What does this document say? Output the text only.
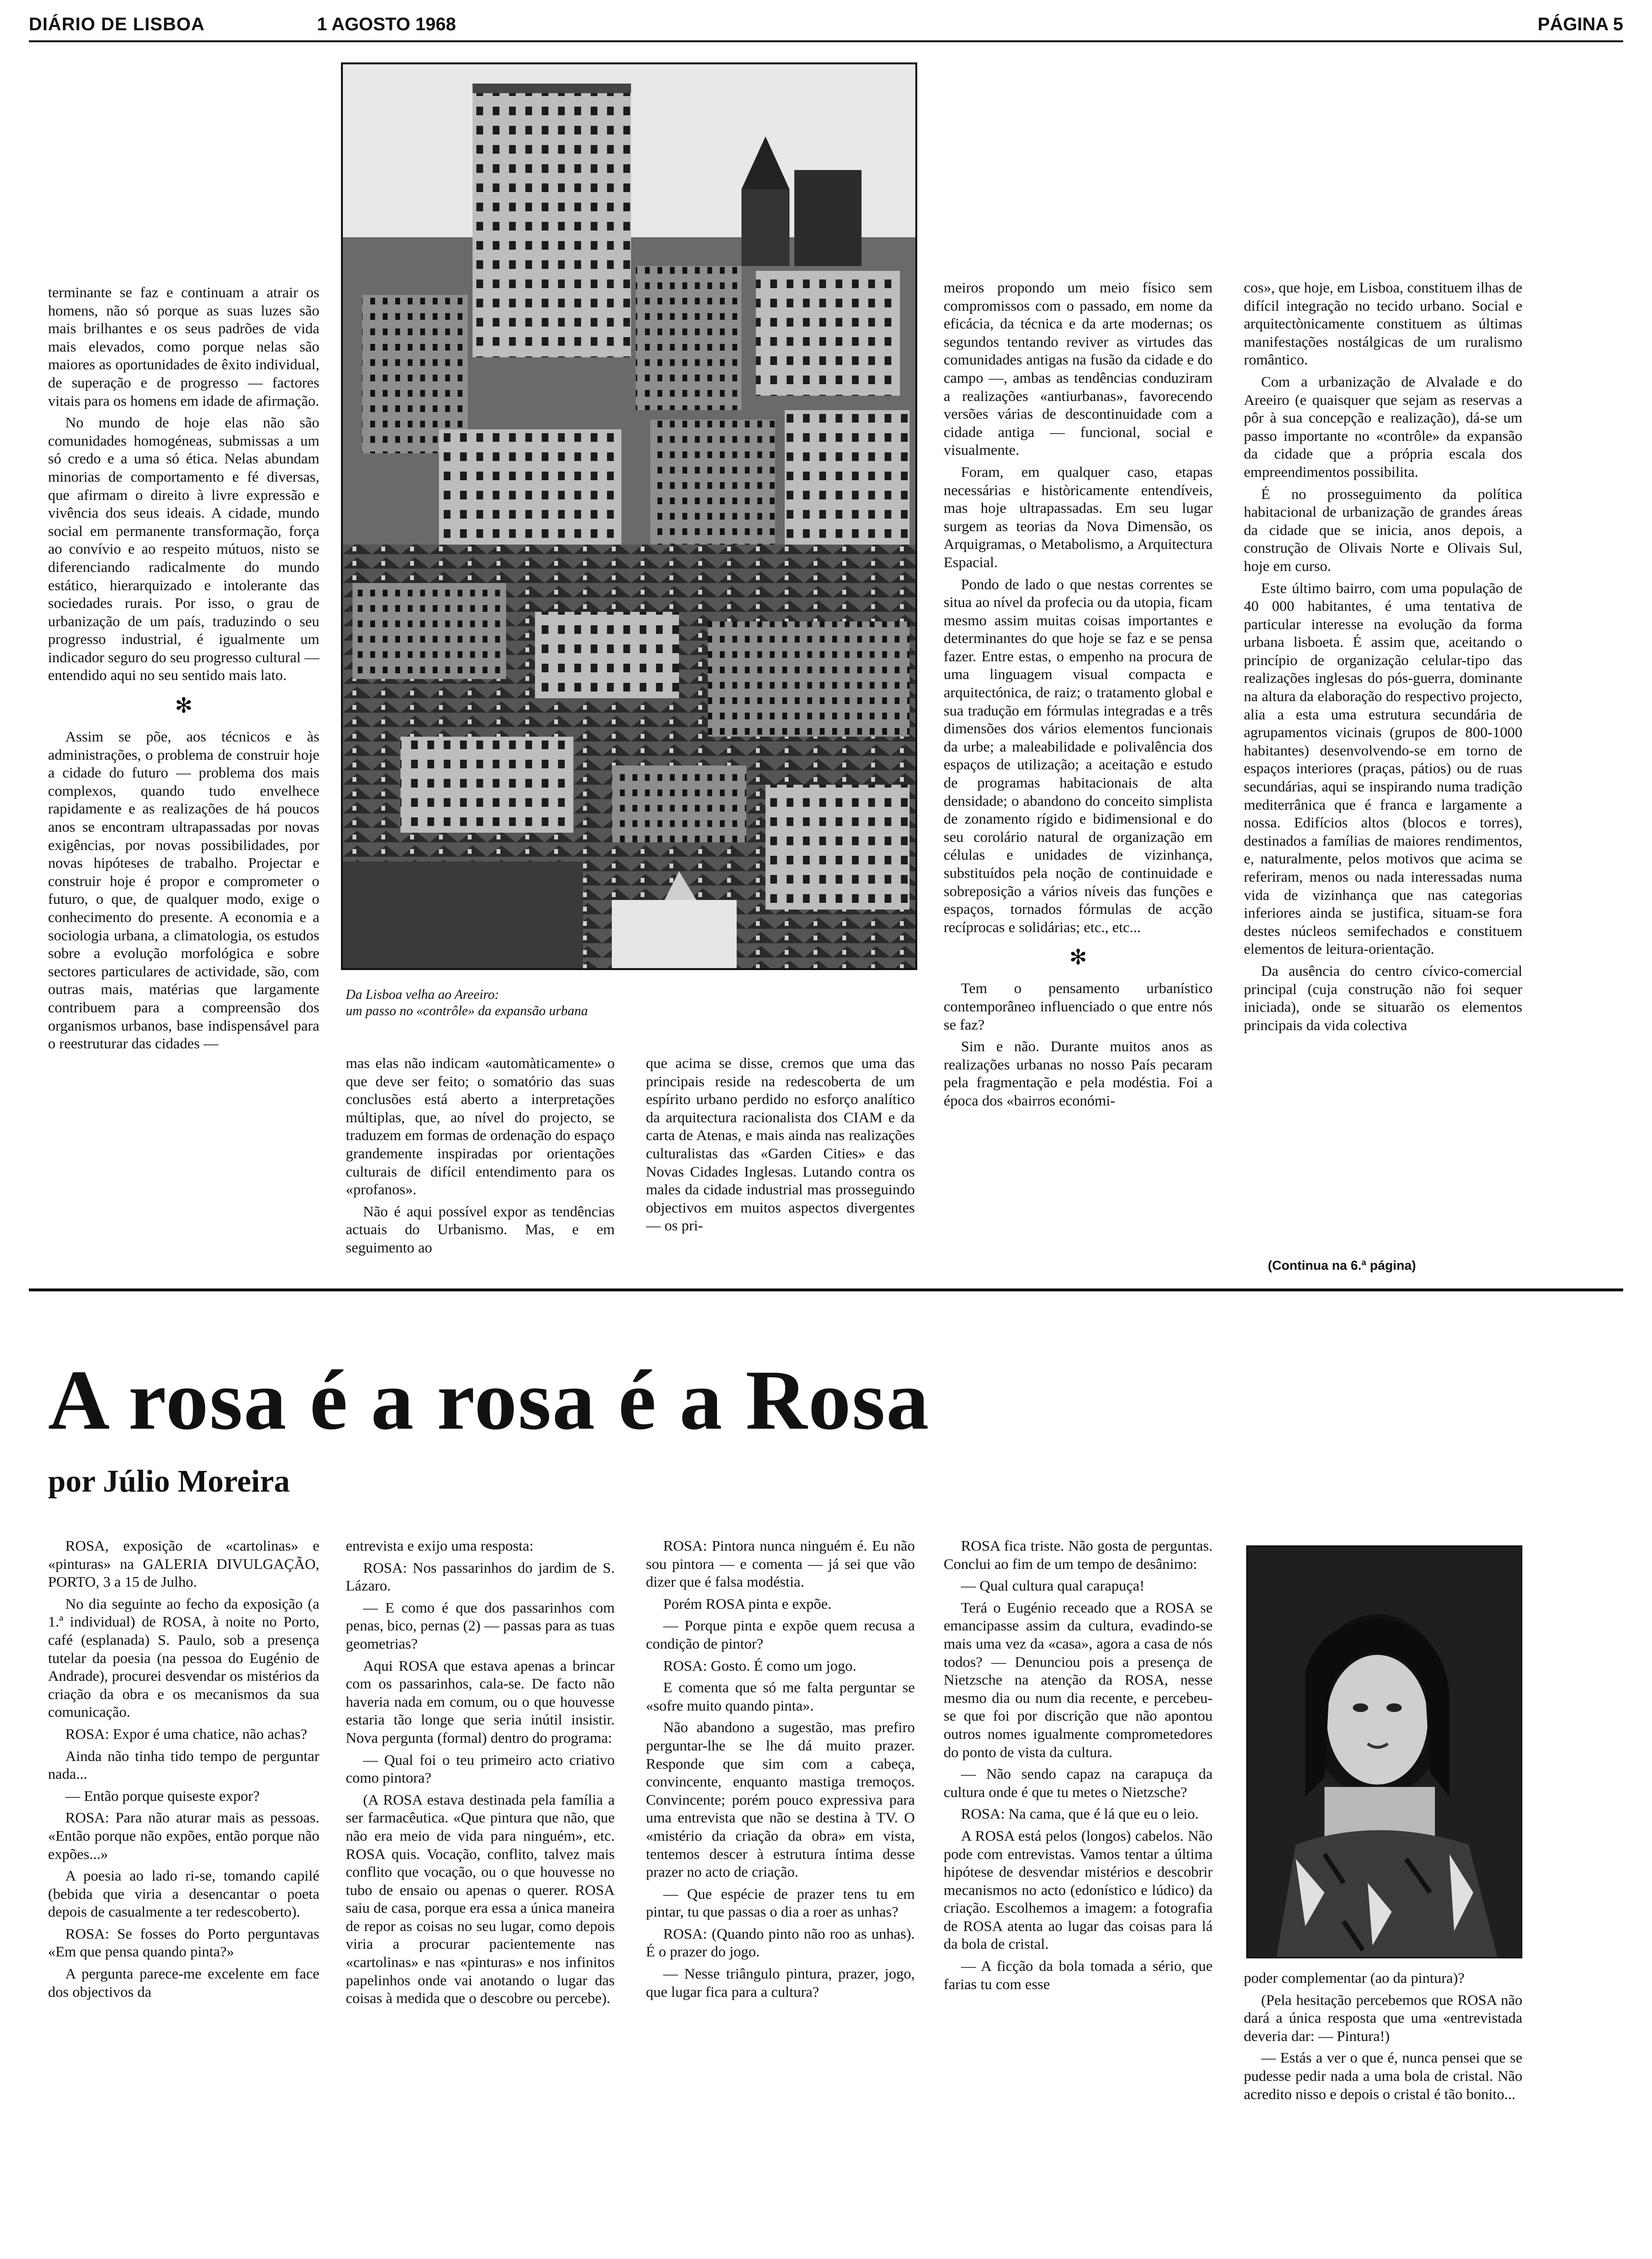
DIÁRIO DE LISBOA	1 AGOSTO 1968	PÁGINA 5

terminante se faz e continuam a atrair os homens, não só porque as suas luzes são mais brilhantes e os seus padrões de vida mais elevados, como porque nelas são maiores as oportunidades de êxito individual, de superação e de progresso — factores vitais para os homens em idade de afirmação.

No mundo de hoje elas não são comunidades homogéneas, submissas a um só credo e a uma só ética. Nelas abundam minorias de comportamento e fé diversas, que afirmam o direito à livre expressão e vivência dos seus ideais. A cidade, mundo social em permanente transformação, força ao convívio e ao respeito mútuos, nisto se diferenciando radicalmente do mundo estático, hierarquizado e intolerante das sociedades rurais. Por isso, o grau de urbanização de um país, traduzindo o seu progresso industrial, é igualmente um indicador seguro do seu progresso cultural — entendido aqui no seu sentido mais lato.

✻

Assim se põe, aos técnicos e às administrações, o problema de construir hoje a cidade do futuro — problema dos mais complexos, quando tudo envelhece rapidamente e as realizações de há poucos anos se encontram ultrapassadas por novas exigências, por novas possibilidades, por novas hipóteses de trabalho. Projectar e construir hoje é propor e comprometer o futuro, o que, de qualquer modo, exige o conhecimento do presente. A economia e a sociologia urbana, a climatologia, os estudos sobre a evolução morfológica e sobre sectores particulares de actividade, são, com outras mais, matérias que largamente contribuem para a compreensão dos organismos urbanos, base indispensável para o reestruturar das cidades —

Da Lisboa velha ao Areeiro:
um passo no «contrôle» da expansão urbana

mas elas não indicam «automàticamente» o que deve ser feito; o somatório das suas conclusões está aberto a interpretações múltiplas, que, ao nível do projecto, se traduzem em formas de ordenação do espaço grandemente inspiradas por orientações culturais de difícil entendimento para os «profanos».

Não é aqui possível expor as tendências actuais do Urbanismo. Mas, e em seguimento ao

que acima se disse, cremos que uma das principais reside na redescoberta de um espírito urbano perdido no esforço analítico da arquitectura racionalista dos CIAM e da carta de Atenas, e mais ainda nas realizações culturalistas das «Garden Cities» e das Novas Cidades Inglesas. Lutando contra os males da cidade industrial mas prosseguindo objectivos em muitos aspectos divergentes — os pri-

meiros propondo um meio físico sem compromissos com o passado, em nome da eficácia, da técnica e da arte modernas; os segundos tentando reviver as virtudes das comunidades antigas na fusão da cidade e do campo —, ambas as tendências conduziram a realizações «antiurbanas», favorecendo versões várias de descontinuidade com a cidade antiga — funcional, social e visualmente.

Foram, em qualquer caso, etapas necessárias e històricamente entendíveis, mas hoje ultrapassadas. Em seu lugar surgem as teorias da Nova Dimensão, os Arquigramas, o Metabolismo, a Arquitectura Espacial.

Pondo de lado o que nestas correntes se situa ao nível da profecia ou da utopia, ficam mesmo assim muitas coisas importantes e determinantes do que hoje se faz e se pensa fazer. Entre estas, o empenho na procura de uma linguagem visual compacta e arquitectónica, de raiz; o tratamento global e sua tradução em fórmulas integradas e a três dimensões dos vários elementos funcionais da urbe; a maleabilidade e polivalência dos espaços de utilização; a aceitação e estudo de programas habitacionais de alta densidade; o abandono do conceito simplista de zonamento rígido e bidimensional e do seu corolário natural de organização em células e unidades de vizinhança, substituídos pela noção de continuidade e sobreposição a vários níveis das funções e espaços, tornados fórmulas de acção recíprocas e solidárias; etc., etc...

✻

Tem o pensamento urbanístico contemporâneo influenciado o que entre nós se faz?

Sim e não. Durante muitos anos as realizações urbanas no nosso País pecaram pela fragmentação e pela modéstia. Foi a época dos «bairros económi-

cos», que hoje, em Lisboa, constituem ilhas de difícil integração no tecido urbano. Social e arquitectònicamente constituem as últimas manifestações nostálgicas de um ruralismo romântico.

Com a urbanização de Alvalade e do Areeiro (e quaisquer que sejam as reservas a pôr à sua concepção e realização), dá-se um passo importante no «contrôle» da expansão da cidade que a própria escala dos empreendimentos possibilita.

É no prosseguimento da política habitacional de urbanização de grandes áreas da cidade que se inicia, anos depois, a construção de Olivais Norte e Olivais Sul, hoje em curso.

Este último bairro, com uma população de 40 000 habitantes, é uma tentativa de particular interesse na evolução da forma urbana lisboeta. É assim que, aceitando o princípio de organização celular-tipo das realizações inglesas do pós-guerra, dominante na altura da elaboração do respectivo projecto, alia a esta uma estrutura secundária de agrupamentos vicinais (grupos de 800-1000 habitantes) desenvolvendo-se em torno de espaços interiores (praças, pátios) ou de ruas secundárias, aqui se inspirando numa tradição mediterrânica que é franca e largamente a nossa. Edifícios altos (blocos e torres), destinados a famílias de maiores rendimentos, e, naturalmente, pelos motivos que acima se referiram, menos ou nada interessadas numa vida de vizinhança que nas categorias inferiores ainda se justifica, situam-se fora destes núcleos semifechados e constituem elementos de leitura-orientação.

Da ausência do centro cívico-comercial principal (cuja construção não foi sequer iniciada), onde se situarão os elementos principais da vida colectiva

(Continua na 6.ª página)
A rosa é a rosa é a Rosa
por Júlio Moreira

ROSA, exposição de «cartolinas» e «pinturas» na GALERIA DIVULGAÇÃO, PORTO, 3 a 15 de Julho.

No dia seguinte ao fecho da exposição (a 1.ª individual) de ROSA, à noite no Porto, café (esplanada) S. Paulo, sob a presença tutelar da poesia (na pessoa do Eugénio de Andrade), procurei desvendar os mistérios da criação da obra e os mecanismos da sua comunicação.

ROSA: Expor é uma chatice, não achas?

Ainda não tinha tido tempo de perguntar nada...

— Então porque quiseste expor?

ROSA: Para não aturar mais as pessoas. «Então porque não expões, então porque não expões...»

A poesia ao lado ri-se, tomando capilé (bebida que viria a desencantar o poeta depois de casualmente a ter redescoberto).

ROSA: Se fosses do Porto perguntavas «Em que pensa quando pinta?»

A pergunta parece-me excelente em face dos objectivos da

entrevista e exijo uma resposta:

ROSA: Nos passarinhos do jardim de S. Lázaro.

— E como é que dos passarinhos com penas, bico, pernas (2) — passas para as tuas geometrias?

Aqui ROSA que estava apenas a brincar com os passarinhos, cala-se. De facto não haveria nada em comum, ou o que houvesse estaria tão longe que seria inútil insistir. Nova pergunta (formal) dentro do programa:

— Qual foi o teu primeiro acto criativo como pintora?

(A ROSA estava destinada pela família a ser farmacêutica. «Que pintura que não, que não era meio de vida para ninguém», etc. ROSA quis. Vocação, conflito, talvez mais conflito que vocação, ou o que houvesse no tubo de ensaio ou apenas o querer. ROSA saiu de casa, porque era essa a única maneira de repor as coisas no seu lugar, como depois viria a procurar pacientemente nas «cartolinas» e nas «pinturas» e nos infinitos papelinhos onde vai anotando o lugar das coisas à medida que o descobre ou percebe).

ROSA: Pintora nunca ninguém é. Eu não sou pintora — e comenta — já sei que vão dizer que é falsa modéstia.

Porém ROSA pinta e expõe.

— Porque pinta e expõe quem recusa a condição de pintor?

ROSA: Gosto. É como um jogo.

E comenta que só me falta perguntar se «sofre muito quando pinta».

Não abandono a sugestão, mas prefiro perguntar-lhe se lhe dá muito prazer. Responde que sim com a cabeça, convincente, enquanto mastiga tremoços. Convincente; porém pouco expressiva para uma entrevista que não se destina à TV. O «mistério da criação da obra» em vista, tentemos descer à estrutura íntima desse prazer no acto de criação.

— Que espécie de prazer tens tu em pintar, tu que passas o dia a roer as unhas?

ROSA: (Quando pinto não roo as unhas). É o prazer do jogo.

— Nesse triângulo pintura, prazer, jogo, que lugar fica para a cultura?

ROSA fica triste. Não gosta de perguntas. Conclui ao fim de um tempo de desânimo:

— Qual cultura qual carapuça!

Terá o Eugénio receado que a ROSA se emancipasse assim da cultura, evadindo-se mais uma vez da «casa», agora a casa de nós todos? — Denunciou pois a presença de Nietzsche na atenção da ROSA, nesse mesmo dia ou num dia recente, e percebeu-se que foi por discrição que não apontou outros nomes igualmente comprometedores do ponto de vista da cultura.

— Não sendo capaz na carapuça da cultura onde é que tu metes o Nietzsche?

ROSA: Na cama, que é lá que eu o leio.

A ROSA está pelos (longos) cabelos. Não pode com entrevistas. Vamos tentar a última hipótese de desvendar mistérios e descobrir mecanismos no acto (edonístico e lúdico) da criação. Escolhemos a imagem: a fotografia de ROSA atenta ao lugar das coisas para lá da bola de cristal.

— A ficção da bola tomada a sério, que farias tu com esse	poder complementar (ao da pintura)?

(Pela hesitação percebemos que ROSA não dará a única resposta que uma «entrevistada deveria dar: — Pintura!)

— Estás a ver o que é, nunca pensei que se pudesse pedir nada a uma bola de cristal. Não acredito nisso e depois o cristal é tão bonito...
